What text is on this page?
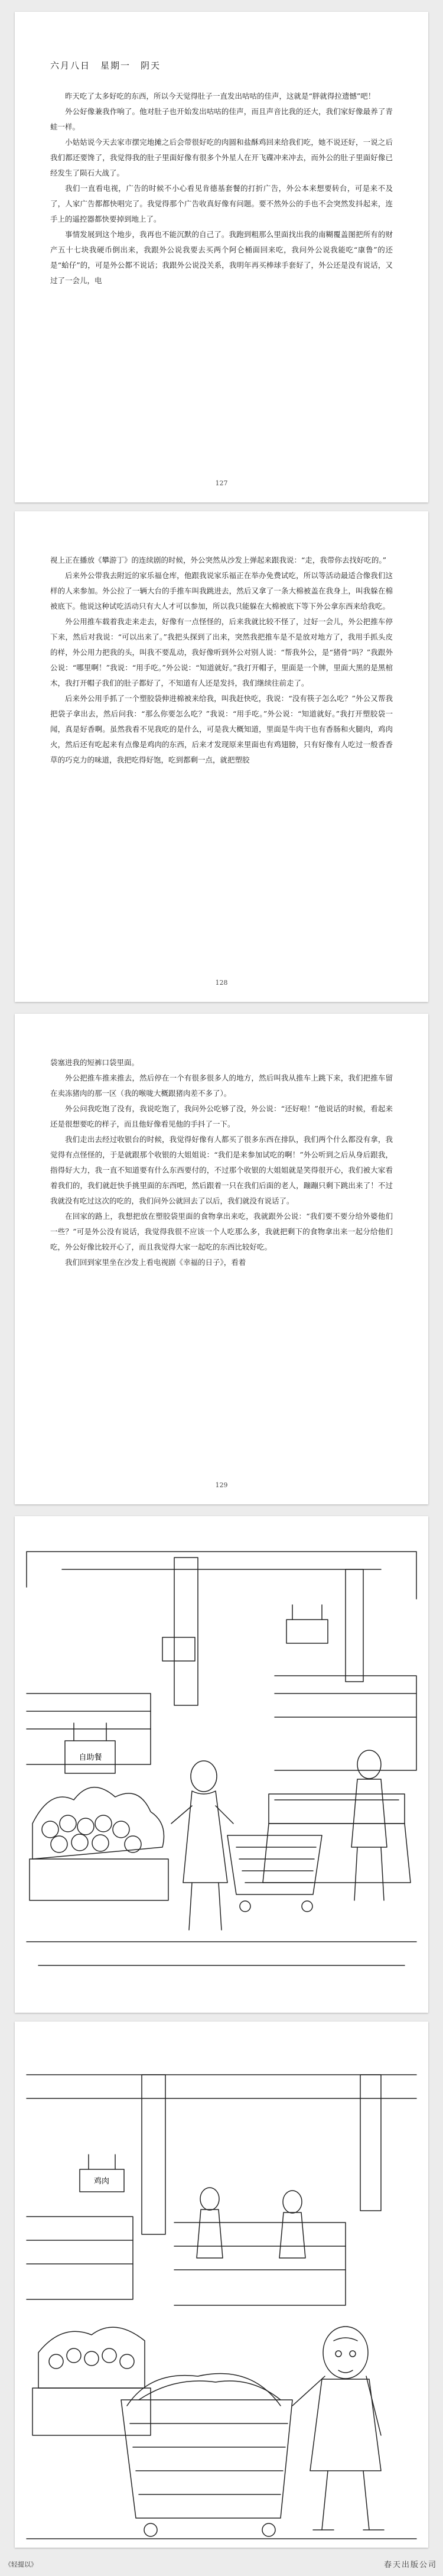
六月八日　星期一　阴天

昨天吃了太多好吃的东西，所以今天觉得肚子一直发出咕咕的佳声，这就是“胖就得拉遗憾”吧！

外公好像兼我作响了。他对肚子也开始发出咕咕的佳声，而且声音比我的还大，我们家好像最养了青蛙一样。

小姑姑说今天去家市摆完地摊之后会带很好吃的肉圆和盐酥鸡回来给我们吃，她不说还好，一说之后我们都还要馋了，我觉得我的肚子里面好像有很多个外星人在开飞碟冲来冲去，而外公的肚子里面好像已经发生了陨石大战了。

我们一直看电视，广告的时候不小心看见肯德基套餐的打折广告，外公本来想要转台，可是来不及了，人家广告都都快唱完了。我觉得那个广告收真好像有问题。要不然外公的手也不会突然发抖起来，连手上的遥控器都快要掉到地上了。

事情发展到这个地步，我再也不能沉默的自己了。我跑到粗那么里面找出我的南糊覆盖图把所有的财产五十七块我硬币倒出来，我跟外公说我要去买两个阿仑桶面回来吃，我问外公说我能吃“康鲁”的还是“蛤仔”的，可是外公都不说话；我跟外公说没关系，我明年再买棒球手套好了，外公还是没有说话，又过了一会儿，电

127

视上正在播放《攀游丁》的连续剧的时候，外公突然从沙发上弹起来跟我说：“走，我带你去找好吃的。”

后来外公带我去附近的家乐福仓库，他跟我说家乐福正在举办免费试吃，所以等活动最适合像我们这样的人来参加。外公拉了一辆大台的手推车叫我跳进去，然后又拿了一条大棉被盖在我身上，叫我躲在棉被底下。他说这种试吃活动只有大人才可以参加，所以我只能躲在大棉被底下等下外公拿东西来给我吃。

外公用推车载着我走来走去，好像有一点怪怪的，后来我就比较不怪了，过好一会儿，外公把推车停下来，然后对我说：“可以出来了。”我把头探到了出来，突然我把推车是不是放对地方了，我用手抓头皮的样，外公用力把我的头，叫我不要乱动，我好像听到外公对别人说：“帮我外公，是“猪骨”吗？”我跟外公说：“哪里啊！”我说：“用手吃。”外公说：“知道就好。”我打开帽子，里面是一个牌，里面大黑的是黑棺木，我打开帽子我们的肚子都好了，不知道有人还是发抖，我们继续往前走了。

后来外公用手抓了一个塑胶袋伸进棉被来给我，叫我赶快吃，我说：“没有筷子怎么吃？”外公又帮我把袋子拿出去，然后问我：“那么你要怎么吃？”我说：“用手吃。”外公说：“知道就好。”我打开塑胶袋一闻，真是好香啊。虽然我看不见我吃的是什么，可是我大概知道，里面是牛肉干也有香肠和火腿肉，鸡肉火，然后还有吃起来有点像是鸡肉的东西，后来才发现原来里面也有鸡翅膀，只有好像有人吃过一般香香草的巧克力的味道，我把吃得好饱，吃到都剩一点，就把塑胶

128

袋塞进我的短裤口袋里面。

外公把推车推来推去，然后停在一个有很多很多人的地方，然后叫我从推车上跳下来，我们把推车留在卖冻猪肉的那一区（我的喉咙大概跟猪肉差不多了）。

外公问我吃饱了没有，我说吃饱了，我问外公吃够了没，外公说：“还好啦！”他说话的时候，看起来还是很想要吃的样子，而且他好像看见他的手抖了一下。

我们走出去经过收银台的时候，我觉得好像有人都买了很多东西在排队，我们两个什么都没有拿，我觉得有点怪怪的，于是就跟那个收银的大姐姐说：“我们是来参加试吃的啊！”外公听到之后从身后跟我，指得好大力，我一直不知道要有什么东西要付的，不过那个收银的大姐姐就是笑得很开心，我们被大家看着我们的，我们就赶快手挑里面的东西吧，然后跟着一只在我们后面的老人，蹦蹦只剩下跳出来了！不过我就没有吃过这次的吃的，我们问外公就回去了以后，我们就没有说话了。

在回家的路上，我想把放在塑胶袋里面的食物拿出来吃，我就跟外公说：“我们要不要分给外婆他们一些？”可是外公没有说话，我觉得我很不应该一个人吃那么多，我就把剩下的食物拿出来一起分给他们吃，外公好像比较开心了，而且我觉得大家一起吃的东西比较好吃。

我们回到家里坐在沙发上看电视剧《幸福的日子》，看着

129
自助餐
鸡肉
《轻提以》	春天出版公司
